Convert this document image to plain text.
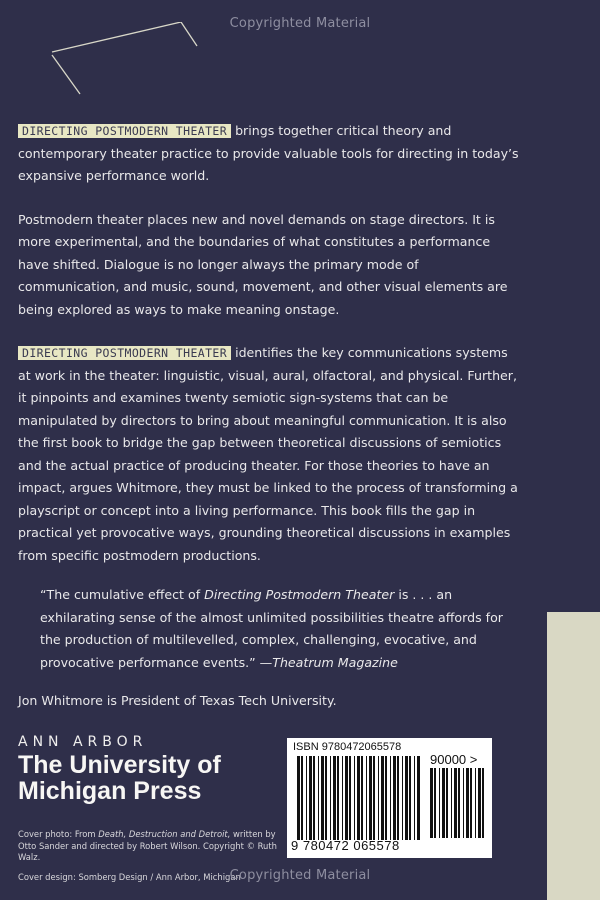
Copyrighted Material

DIRECTING POSTMODERN THEATER brings together critical theory and contemporary theater practice to provide valuable tools for directing in today’s expansive performance world.

Postmodern theater places new and novel demands on stage directors. It is more experimental, and the boundaries of what constitutes a performance have shifted. Dialogue is no longer always the primary mode of communication, and music, sound, movement, and other visual elements are being explored as ways to make meaning onstage.

DIRECTING POSTMODERN THEATER identifies the key communications systems at work in the theater: linguistic, visual, aural, olfactoral, and physical. Further, it pinpoints and examines twenty semiotic sign-systems that can be manipulated by directors to bring about meaningful communication. It is also the first book to bridge the gap between theoretical discussions of semiotics and the actual practice of producing theater. For those theories to have an impact, argues Whitmore, they must be linked to the process of transforming a playscript or concept into a living performance. This book fills the gap in practical yet provocative ways, grounding theoretical discussions in examples from specific postmodern productions.

“The cumulative effect of Directing Postmodern Theater is . . . an exhilarating sense of the almost unlimited possibilities theatre affords for the production of multilevelled, complex, challenging, evocative, and provocative performance events.” —Theatrum Magazine
Jon Whitmore is President of Texas Tech University.
ANN ARBOR
The University of
Michigan Press
Cover photo: From Death, Destruction and Detroit, written by Otto Sander and directed by Robert Wilson. Copyright © Ruth Walz.
Cover design: Somberg Design / Ann Arbor, Michigan
ISBN 9780472065578
90000 >
9 780472 065578
Copyrighted Material
